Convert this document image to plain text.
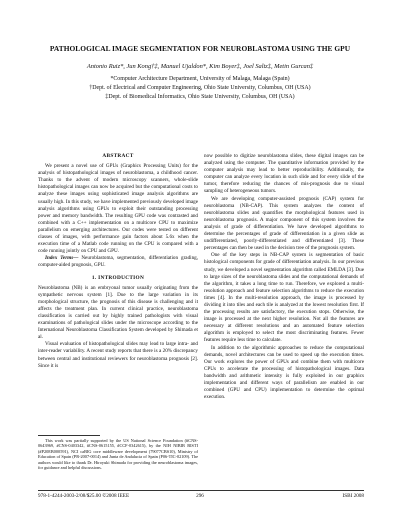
PATHOLOGICAL IMAGE SEGMENTATION FOR NEUROBLASTOMA USING THE GPU
Antonio Ruiz*, Jun Kong†‡, Manuel Ujaldon*, Kim Boyer‡, Joel Saltz‡, Metin Gurcan‡
*Computer Architecture Department, University of Malaga, Malaga (Spain)
†Dept. of Electrical and Computer Engineering, Ohio State University, Columbus, OH (USA)
‡Dept. of Biomedical Informatics, Ohio State University, Columbus, OH (USA)
ABSTRACT

We present a novel use of GPUs (Graphics Processing Units) for the analysis of histopathological images of neuroblastoma, a childhood cancer. Thanks to the advent of modern microscopy scanners, whole-slide histopathological images can now be acquired but the computational costs to analyze these images using sophisticated image analysis algorithms are usually high. In this study, we have implemented previously developed image analysis algorithms using GPUs to exploit their outstanding processing power and memory bandwidth. The resulting GPU code was contrasted and combined with a C++ implementation on a multicore CPU to maximize parallelism on emerging architectures. Our codes were tested on different classes of images, with performance gain factors about 5.6x when the execution time of a Matlab code running on the CPU is compared with a code running jointly on CPU and GPU.

Index Terms— Neuroblastoma, segmentation, differentiation grading, computer-aided prognosis, GPU.

1. INTRODUCTION

Neuroblastoma (NB) is an embryonal tumor usually originating from the sympathetic nervous system [1]. Due to the large variation in its morphological structure, the prognosis of this disease is challenging and it affects the treatment plan. In current clinical practice, neuroblastoma classification is carried out by highly trained pathologists with visual examinations of pathological slides under the microscope according to the International Neuroblastoma Classification System developed by Shimada et al.

Visual evaluation of histopathological slides may lead to large intra- and inter-reader variability. A recent study reports that there is a 20% discrepancy between central and institutional reviewers for neuroblastoma prognosis [2]. Since it is

This work was partially supported by the US National Science Foundation (#CNS-0643969, #CNS-0403342, #CNS-0615155, #CCF-0342615), by the NIH NIBIB BISTI (#P20EB000591), NCI caBIG core middleware development (79077CBS10), Ministry of Education of Spain (PR-2007-0014) and Junta de Andalucia of Spain (P06-TIC-02109). The authors would like to thank Dr. Hiroyuki Shimada for providing the neuroblastoma images, for guidance and helpful discussions.

now possible to digitize neuroblastoma slides, these digital images can be analyzed using the computer. The quantitative information provided by the computer analysis may lead to better reproducibility. Additionally, the computer can analyze every location in such slide and for every slide of the tumor, therefore reducing the chances of mis-prognosis due to visual sampling of heterogeneous tumors.

We are developing computer-assisted prognosis (CAP) system for neuroblastoma (NB-CAP). This system analyzes the content of neuroblastoma slides and quantifies the morphological features used in neuroblastoma prognosis. A major component of this system involves the analysis of grade of differentiation. We have developed algorithms to determine the percentages of grade of differentiation in a given slide as undifferentiated, poorly-differentiated and differentiated [3]. These percentages can then be used in the decision tree of the prognosis system.

One of the key steps in NB-CAP system is segmentation of basic histological components for grade of differentiation analysis. In our previous study, we developed a novel segmentation algorithm called EMLDA [3]. Due to large sizes of the neuroblastoma slides and the computational demands of the algorithm, it takes a long time to run. Therefore, we explored a multi-resolution approach and feature selection algorithms to reduce the execution times [4]. In the multi-resolution approach, the image is processed by dividing it into tiles and each tile is analyzed at the lowest resolution first. If the processing results are satisfactory, the execution stops. Otherwise, the image is processed at the next higher resolution. Not all the features are necessary at different resolutions and an automated feature selection algorithm is employed to select the most discriminating features. Fewer features require less time to calculate.

In addition to the algorithmic approaches to reduce the computational demands, novel architectures can be used to speed up the execution times. Our work explores the power of GPUs and combine them with multicore CPUs to accelerate the processing of histopathological images. Data bandwidth and arithmetic intensity is fully exploited in our graphics implementation and different ways of parallelism are enabled in our combined (GPU and CPU) implementation to determine the optimal execution.

978-1-4244-2003-2/08/$25.00 ©2008 IEEE	296	ISBI 2008
